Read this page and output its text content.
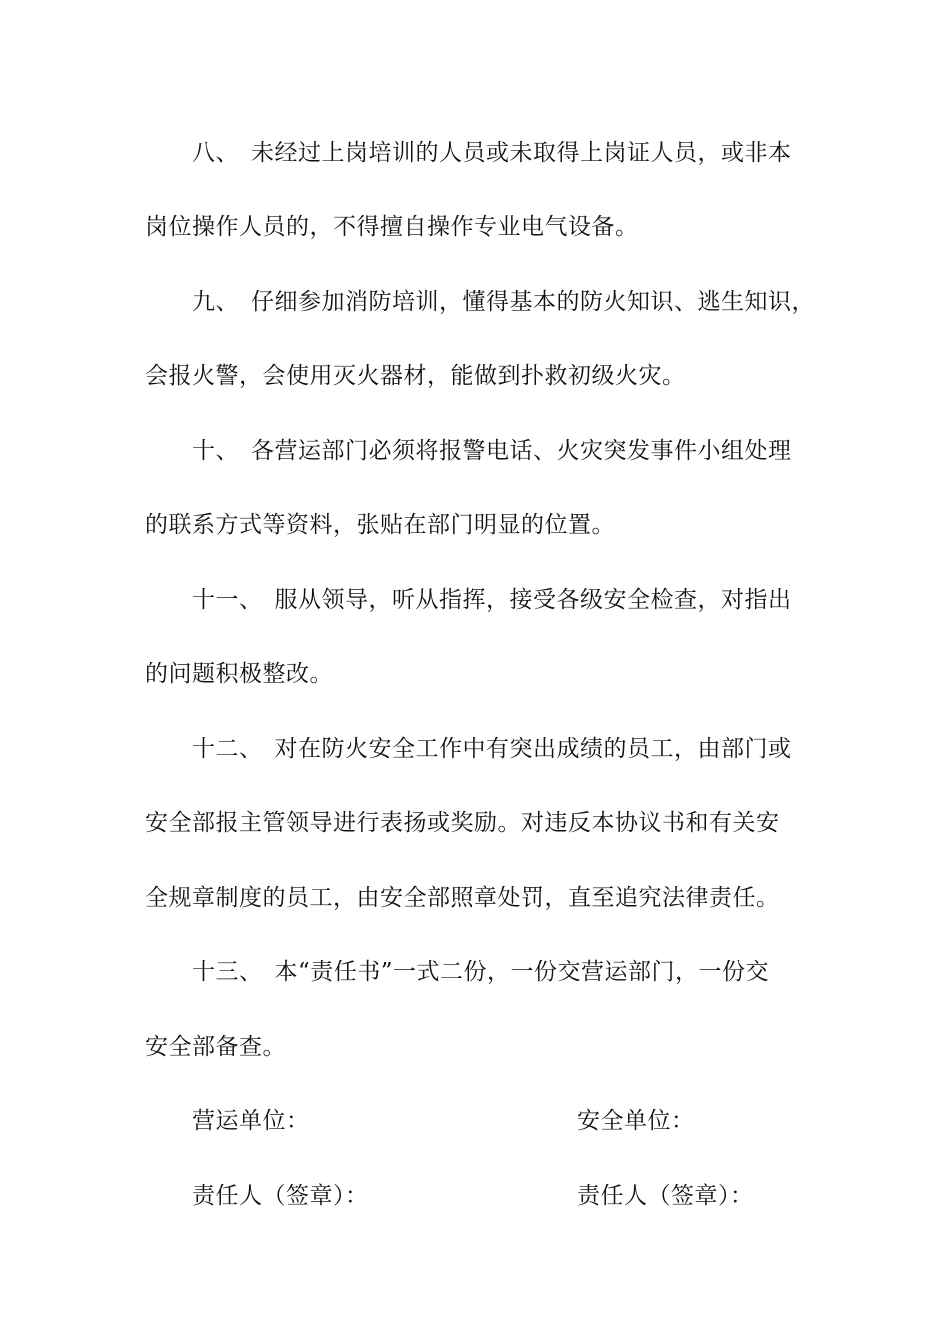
八、 未经过上岗培训的人员或未取得上岗证人员，或非本
岗位操作人员的，不得擅自操作专业电气设备。
九、 仔细参加消防培训，懂得基本的防火知识、逃生知识，
会报火警，会使用灭火器材，能做到扑救初级火灾。
十、 各营运部门必须将报警电话、火灾突发事件小组处理
的联系方式等资料，张贴在部门明显的位置。
十一、 服从领导，听从指挥，接受各级安全检查，对指出
的问题积极整改。
十二、 对在防火安全工作中有突出成绩的员工，由部门或
安全部报主管领导进行表扬或奖励。对违反本协议书和有关安
全规章制度的员工，由安全部照章处罚，直至追究法律责任。
十三、 本“责任书”一式二份，一份交营运部门，一份交
安全部备查。
营运单位：	安全单位：
责任人（签章）：	责任人（签章）：
